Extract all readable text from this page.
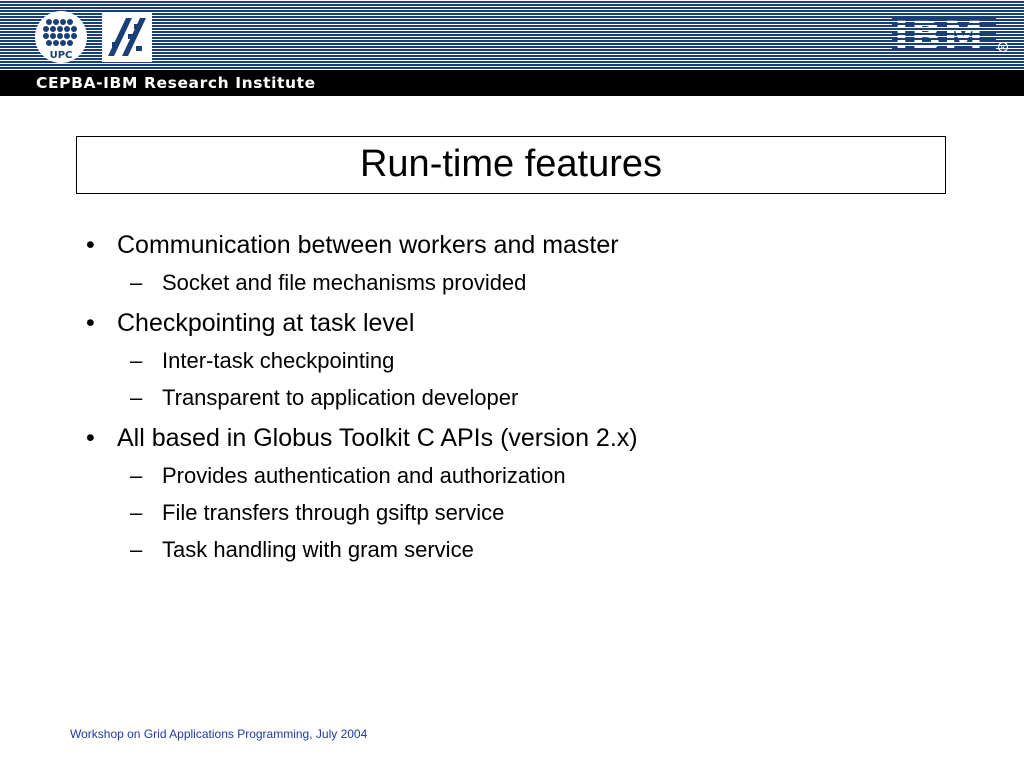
CEPBA-IBM Research Institute
UPC
R
Run-time features
• Communication between workers and master
– Socket and file mechanisms provided
• Checkpointing at task level
– Inter-task checkpointing
– Transparent to application developer
• All based in Globus Toolkit C APIs (version 2.x)
– Provides authentication and authorization
– File transfers through gsiftp service
– Task handling with gram service
Workshop on Grid Applications Programming, July 2004
